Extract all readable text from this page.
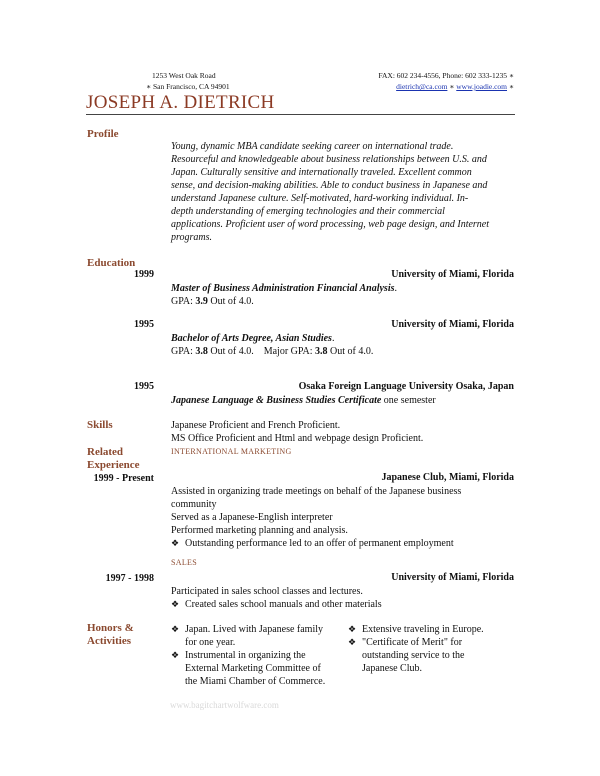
1253 West Oak Road
∗ San Francisco, CA 94901
FAX: 602 234-4556, Phone: 602 333-1235 ∗
dietrich@ca.com ∗ www.joadie.com ∗
JOSEPH A. DIETRICH
Profile
Young, dynamic MBA candidate seeking career on international trade.
Resourceful and knowledgeable about business relationships between U.S. and
Japan. Culturally sensitive and internationally traveled. Excellent common
sense, and decision-making abilities. Able to conduct business in Japanese and
understand Japanese culture. Self-motivated, hard-working individual. In-
depth understanding of emerging technologies and their commercial
applications. Proficient user of word processing, web page design, and Internet
programs.
Education
1999	University of Miami, Florida
Master of Business Administration Financial Analysis.
GPA: 3.9 Out of 4.0.
1995	University of Miami, Florida
Bachelor of Arts Degree, Asian Studies.
GPA: 3.8 Out of 4.0.    Major GPA: 3.8 Out of 4.0.
1995	Osaka Foreign Language University Osaka, Japan
Japanese Language & Business Studies Certificate one semester
Skills	Japanese Proficient and French Proficient.
MS Office Proficient and Html and webpage design Proficient.
Related
Experience
INTERNATIONAL MARKETING
1999 - Present	Japanese Club, Miami, Florida
Assisted in organizing trade meetings on behalf of the Japanese business
community
Served as a Japanese-English interpreter
Performed marketing planning and analysis.
❖ Outstanding performance led to an offer of permanent employment
SALES
1997 - 1998	University of Miami, Florida
Participated in sales school classes and lectures.
❖ Created sales school manuals and other materials
Honors &
Activities
❖ Japan. Lived with Japanese family
for one year.
❖ Instrumental in organizing the
External Marketing Committee of
the Miami Chamber of Commerce.
❖ Extensive traveling in Europe.
❖ "Certificate of Merit" for
outstanding service to the
Japanese Club.
www.bagitchartwolfware.com
